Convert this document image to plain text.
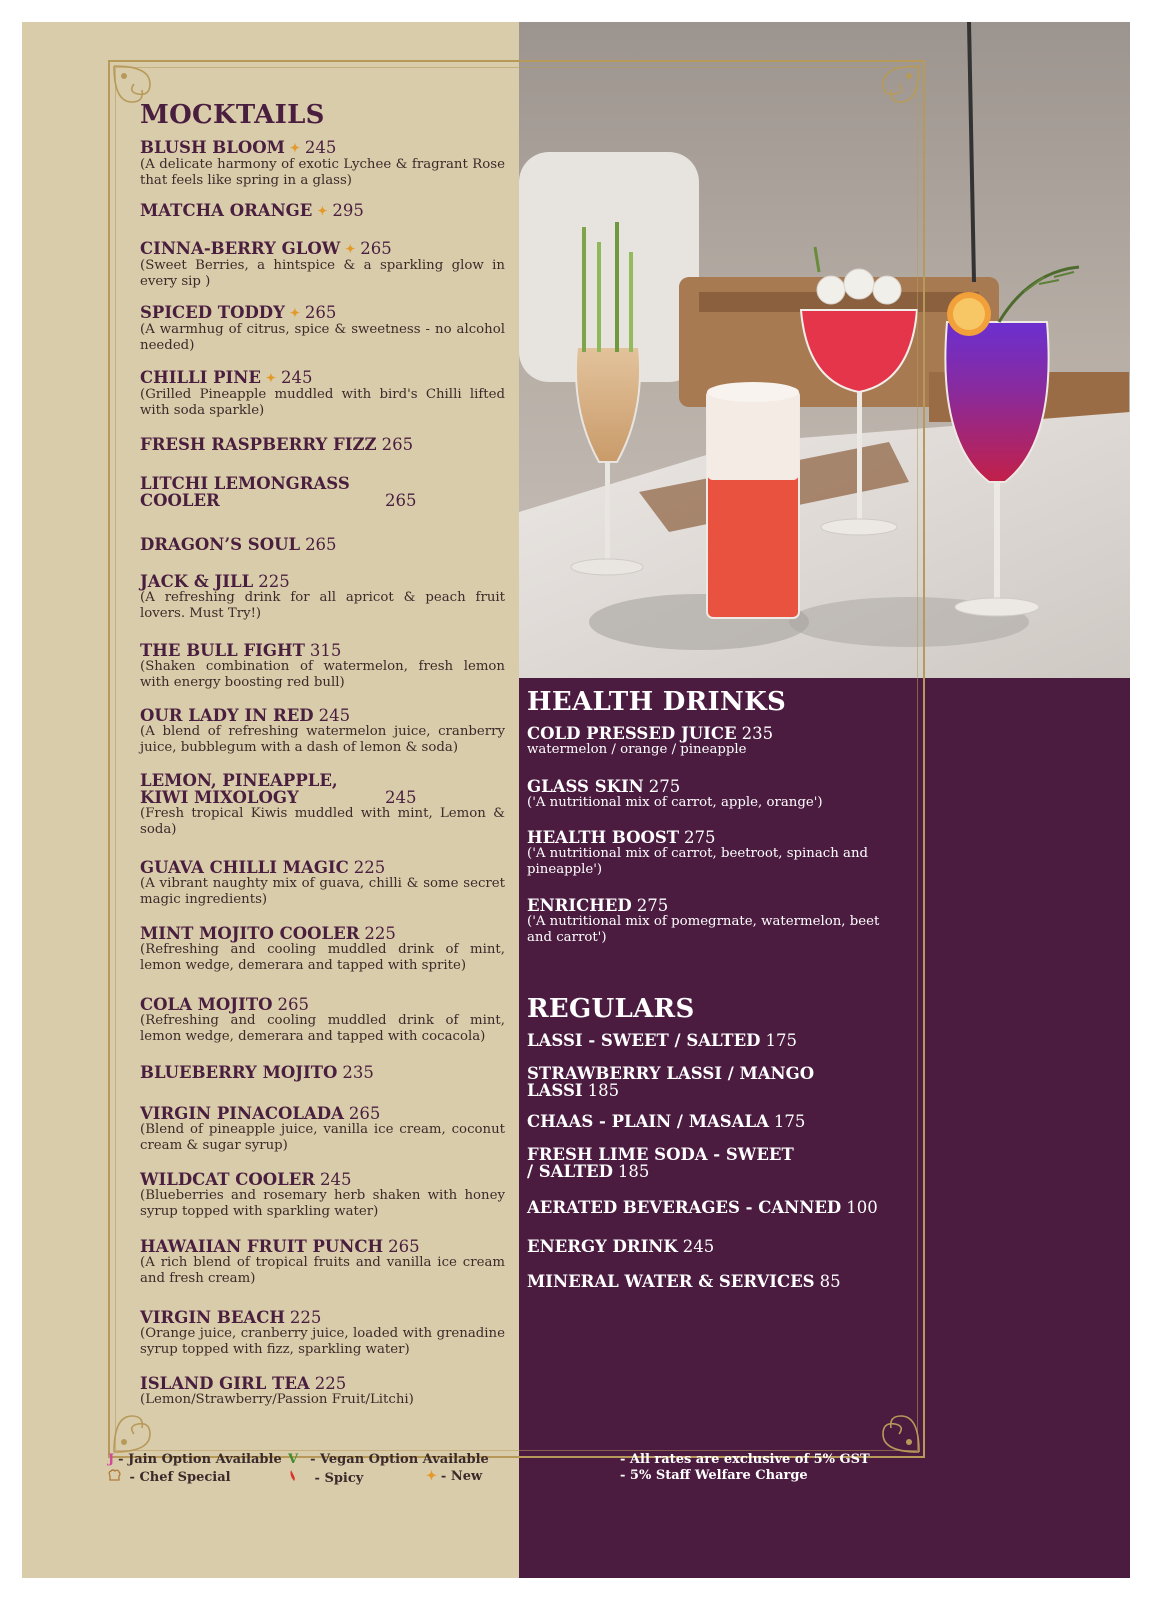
MOCKTAILS
BLUSH BLOOM ✦ 245
(A delicate harmony of exotic Lychee & fragrant Rose that feels like spring in a glass)
MATCHA ORANGE ✦ 295
CINNA-BERRY GLOW ✦ 265
(Sweet Berries, a hintspice & a sparkling glow in every sip )
SPICED TODDY ✦ 265
(A warmhug of citrus, spice & sweetness - no alcohol needed)
CHILLI PINE ✦ 245
(Grilled Pineapple muddled with bird's Chilli lifted with soda sparkle)
FRESH RASPBERRY FIZZ 265
LITCHI LEMONGRASS COOLER	265
DRAGON’S SOUL 265
JACK & JILL 225
(A refreshing drink for all apricot & peach fruit lovers. Must Try!)
THE BULL FIGHT 315
(Shaken combination of watermelon, fresh lemon with energy boosting red bull)
OUR LADY IN RED 245
(A blend of refreshing watermelon juice, cranberry juice, bubblegum with a dash of lemon & soda)
LEMON, PINEAPPLE, KIWI MIXOLOGY	245
(Fresh tropical Kiwis muddled with mint, Lemon & soda)
GUAVA CHILLI MAGIC 225
(A vibrant naughty mix of guava, chilli & some secret magic ingredients)
MINT MOJITO COOLER 225
(Refreshing and cooling muddled drink of mint, lemon wedge, demerara and tapped with sprite)
COLA MOJITO 265
(Refreshing and cooling muddled drink of mint, lemon wedge, demerara and tapped with cocacola)
BLUEBERRY MOJITO 235
VIRGIN PINACOLADA 265
(Blend of pineapple juice, vanilla ice cream, coconut cream & sugar syrup)
WILDCAT COOLER 245
(Blueberries and rosemary herb shaken with honey syrup topped with sparkling water)
HAWAIIAN FRUIT PUNCH 265
(A rich blend of tropical fruits and vanilla ice cream and fresh cream)
VIRGIN BEACH 225
(Orange juice, cranberry juice, loaded with grenadine syrup topped with fizz, sparkling water)
ISLAND GIRL TEA 225
(Lemon/Strawberry/Passion Fruit/Litchi)
HEALTH DRINKS
COLD PRESSED JUICE 235
watermelon / orange / pineapple
GLASS SKIN 275
('A nutritional mix of carrot, apple, orange')
HEALTH BOOST 275
('A nutritional mix of carrot, beetroot, spinach and pineapple')
ENRICHED 275
('A nutritional mix of pomegrnate, watermelon, beet and carrot')
REGULARS
LASSI - SWEET / SALTED 175
STRAWBERRY LASSI / MANGO LASSI 185
CHAAS - PLAIN / MASALA 175
FRESH LIME SODA - SWEET / SALTED 185
AERATED BEVERAGES - CANNED 100
ENERGY DRINK 245
MINERAL WATER & SERVICES 85
J - Jain Option Available V - Vegan Option Available
- Chef Special	- Spicy	✦ - New
- All rates are exclusive of 5% GST
- 5% Staff Welfare Charge
